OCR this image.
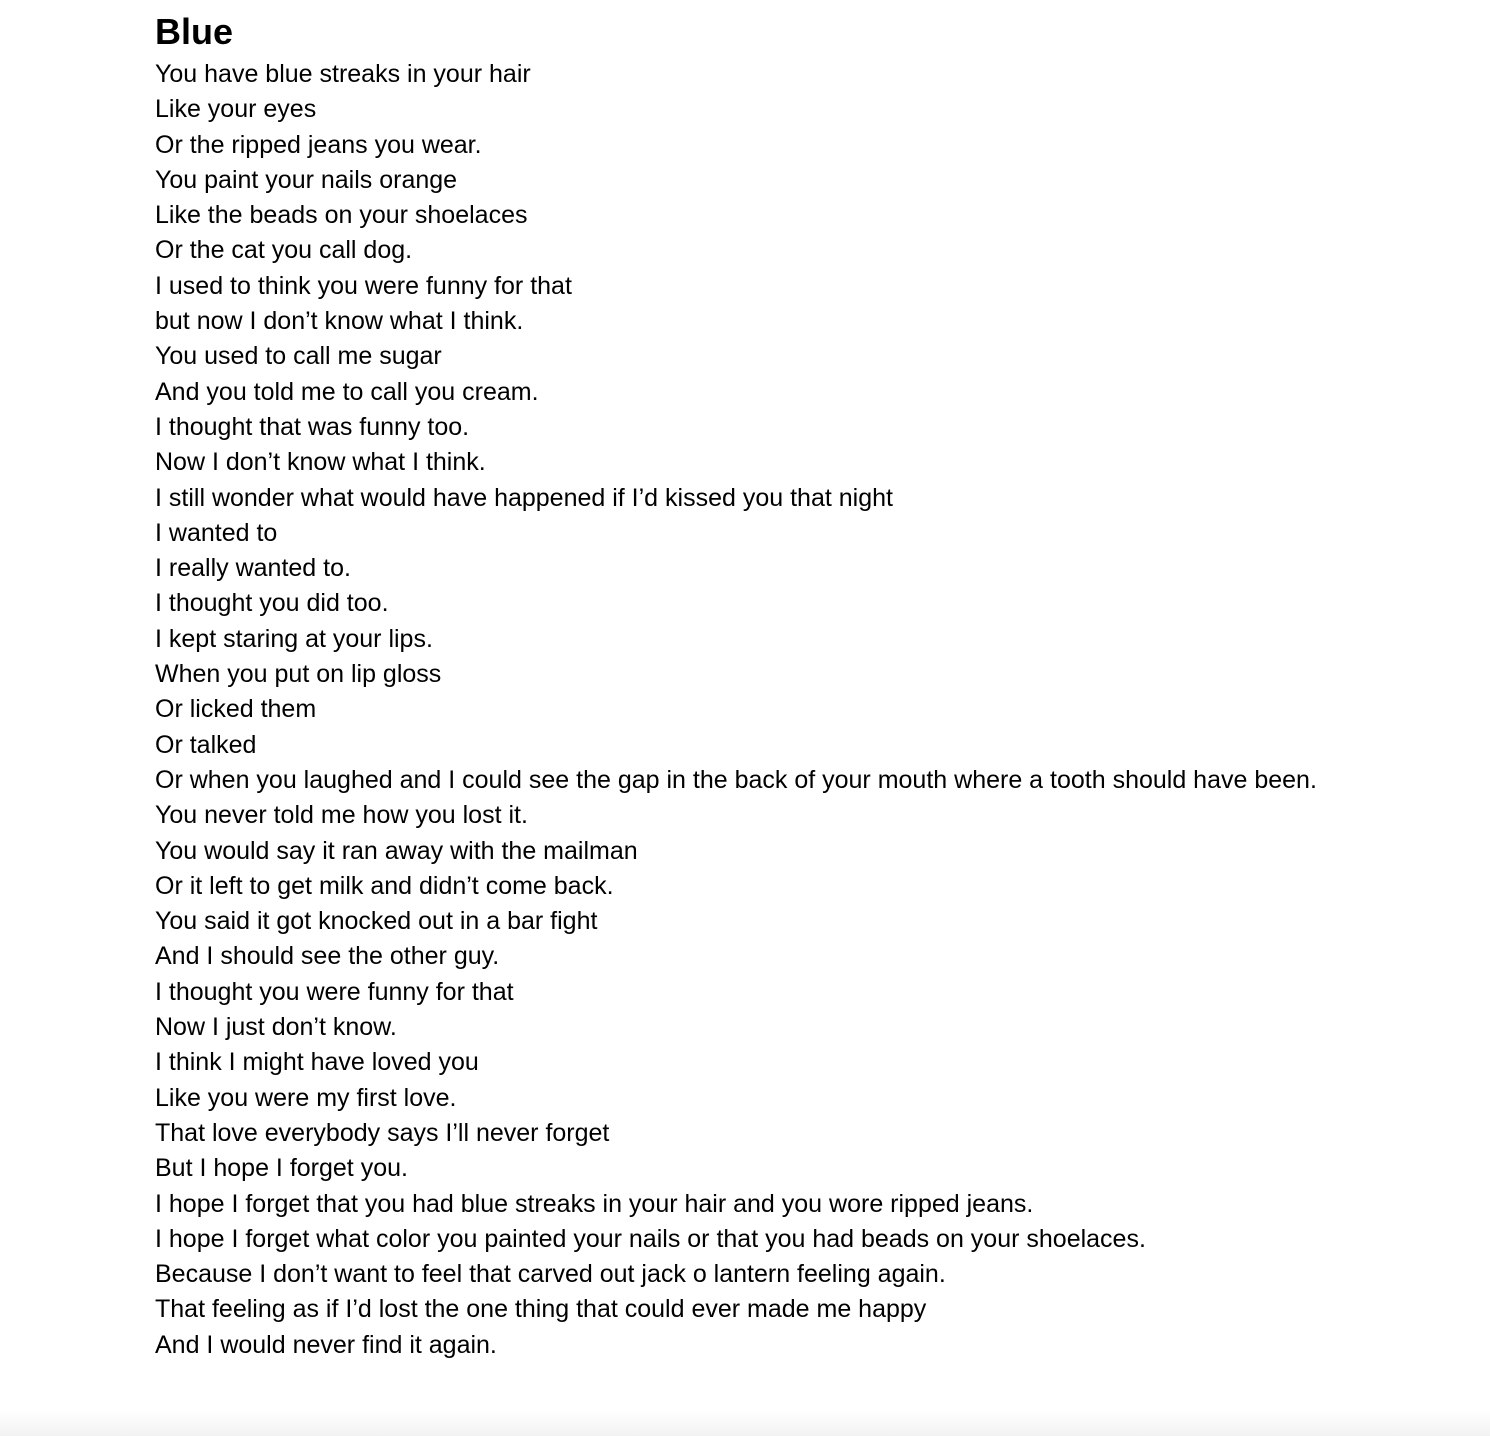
Blue
You have blue streaks in your hair
Like your eyes
Or the ripped jeans you wear.
You paint your nails orange
Like the beads on your shoelaces
Or the cat you call dog.
I used to think you were funny for that
but now I don’t know what I think.
You used to call me sugar
And you told me to call you cream.
I thought that was funny too.
Now I don’t know what I think.
I still wonder what would have happened if I’d kissed you that night
I wanted to
I really wanted to.
I thought you did too.
I kept staring at your lips.
When you put on lip gloss
Or licked them
Or talked
Or when you laughed and I could see the gap in the back of your mouth where a tooth should have been.
You never told me how you lost it.
You would say it ran away with the mailman
Or it left to get milk and didn’t come back.
You said it got knocked out in a bar fight
And I should see the other guy.
I thought you were funny for that
Now I just don’t know.
I think I might have loved you
Like you were my first love.
That love everybody says I’ll never forget
But I hope I forget you.
I hope I forget that you had blue streaks in your hair and you wore ripped jeans.
I hope I forget what color you painted your nails or that you had beads on your shoelaces.
Because I don’t want to feel that carved out jack o lantern feeling again.
That feeling as if I’d lost the one thing that could ever made me happy
And I would never find it again.
